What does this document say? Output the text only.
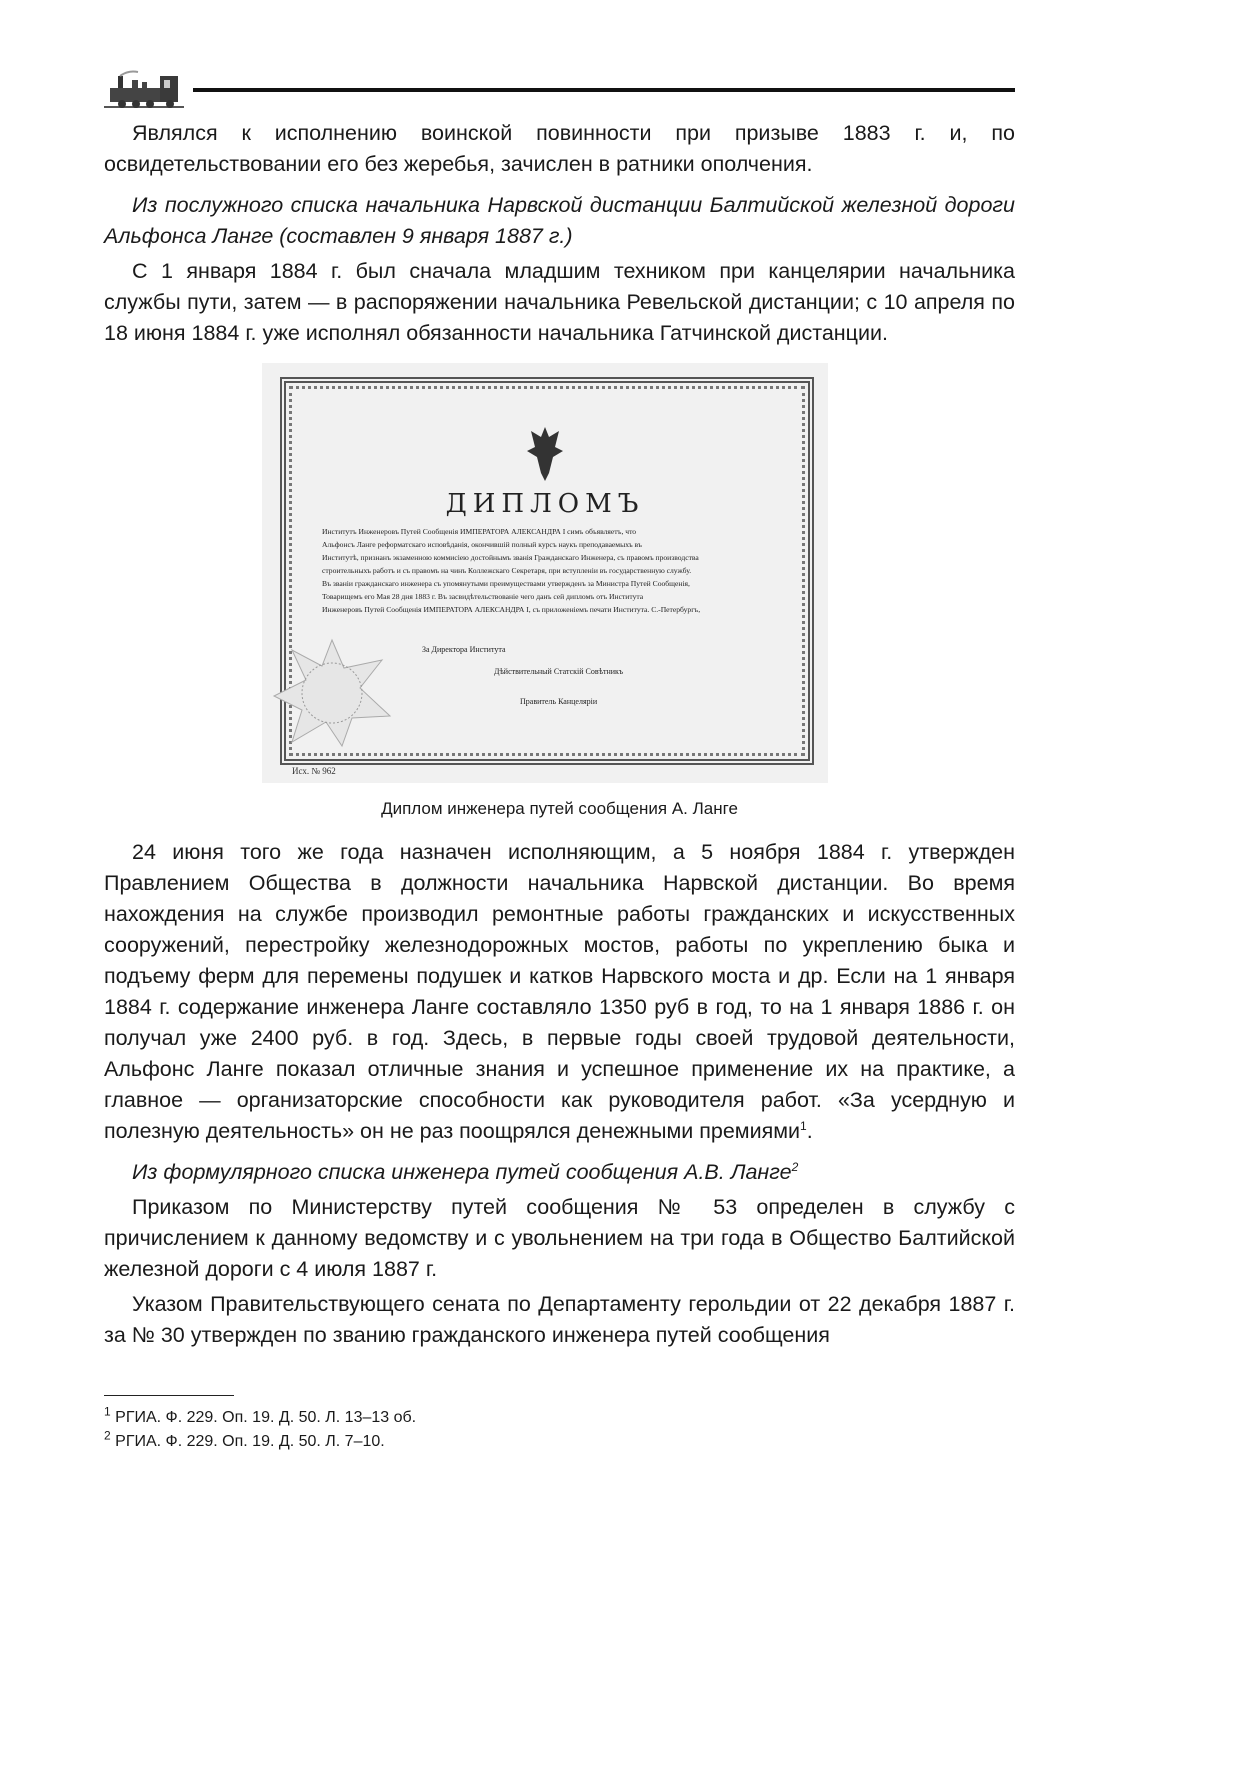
Являлся к исполнению воинской повинности при призыве 1883 г. и, по освидетельствовании его без жеребья, зачислен в ратники ополчения.

Из послужного списка начальника Нарвской дистанции Балтийской железной дороги Альфонса Ланге (составлен 9 января 1887 г.)

С 1 января 1884 г. был сначала младшим техником при канцелярии начальника службы пути, затем — в распоряжении начальника Ревельской дистанции; с 10 апреля по 18 июня 1884 г. уже исполнял обязанности начальника Гатчинской дистанции.

ДИПЛОМЪ
Институтъ Инженеровъ Путей Сообщенія ИМПЕРАТОРА АЛЕКСАНДРА I симъ объявляетъ, что
Альфонсъ Ланге реформатскаго исповѣданія, окончившій полный курсъ наукъ преподаваемыхъ въ
Институтѣ, признанъ экзаменною коммисіею достойнымъ званія Гражданскаго Инженера, съ правомъ производства
строительныхъ работъ и съ правомъ на чинъ Коллежскаго Секретаря, при вступленіи въ государственную службу.
Въ званіи гражданскаго инженера съ упомянутыми преимуществами утвержденъ за Министра Путей Сообщенія,
Товарищемъ его Мая 28 дня 1883 г. Въ засвидѣтельствованіе чего данъ сей дипломъ отъ Института
Инженеровъ Путей Сообщенія ИМПЕРАТОРА АЛЕКСАНДРА I, съ приложеніемъ печати Института. С.-Петербургъ,
За Директора Института
Дѣйствительный Статскій Совѣтникъ
Правитель Канцеляріи
Исх. № 962
Диплом инженера путей сообщения А. Ланге

24 июня того же года назначен исполняющим, а 5 ноября 1884 г. утвержден Правлением Общества в должности начальника Нарвской дистанции. Во время нахождения на службе производил ремонтные работы гражданских и искусственных сооружений, перестройку железнодорожных мостов, работы по укреплению быка и подъему ферм для перемены подушек и катков Нарвского моста и др. Если на 1 января 1884 г. содержание инженера Ланге составляло 1350 руб в год, то на 1 января 1886 г. он получал уже 2400 руб. в год. Здесь, в первые годы своей трудовой деятельности, Альфонс Ланге показал отличные знания и успешное применение их на практике, а главное — организаторские способности как руководителя работ. «За усердную и полезную деятельность» он не раз поощрялся денежными премиями$^1$.

Из формулярного списка инженера путей сообщения А.В. Ланге$^2$

Приказом по Министерству путей сообщения № 53 определен в службу с причислением к данному ведомству и с увольнением на три года в Общество Балтийской железной дороги с 4 июля 1887 г.

Указом Правительствующего сената по Департаменту герольдии от 22 декабря 1887 г. за № 30 утвержден по званию гражданского инженера путей сообщения

$^1$ РГИА. Ф. 229. Оп. 19. Д. 50. Л. 13–13 об.
$^2$ РГИА. Ф. 229. Оп. 19. Д. 50. Л. 7–10.
